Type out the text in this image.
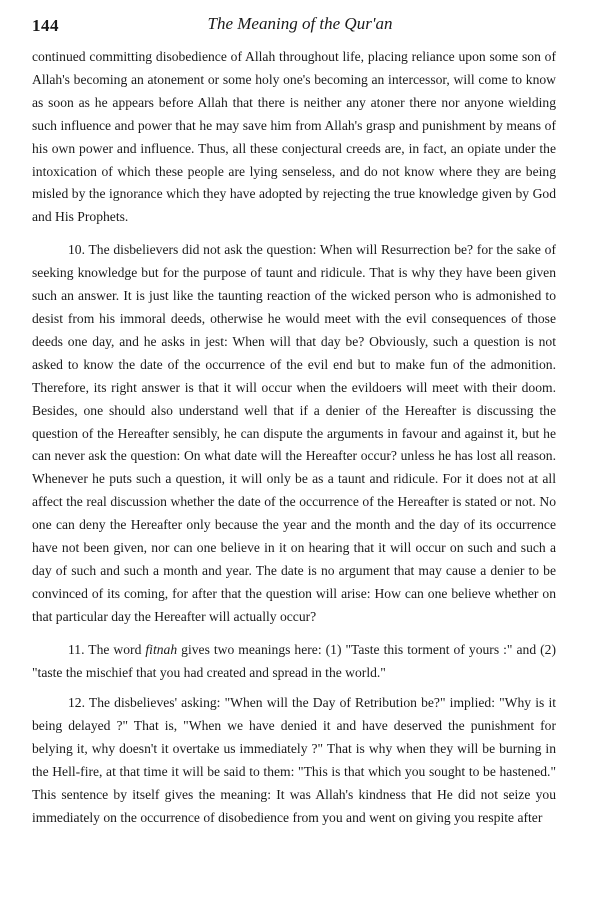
144	The Meaning of the Qur'an

continued committing disobedience of Allah throughout life, placing reliance upon some son of Allah's becoming an atonement or some holy one's becoming an intercessor, will come to know as soon as he appears before Allah that there is neither any atoner there nor anyone wielding such influence and power that he may save him from Allah's grasp and punishment by means of his own power and influence. Thus, all these conjectural creeds are, in fact, an opiate under the intoxication of which these people are lying senseless, and do not know where they are being misled by the ignorance which they have adopted by rejecting the true knowledge given by God and His Prophets.

10. The disbelievers did not ask the question: When will Resurrection be? for the sake of seeking knowledge but for the purpose of taunt and ridicule. That is why they have been given such an answer. It is just like the taunting reaction of the wicked person who is admonished to desist from his immoral deeds, otherwise he would meet with the evil consequences of those deeds one day, and he asks in jest: When will that day be? Obviously, such a question is not asked to know the date of the occurrence of the evil end but to make fun of the admonition. Therefore, its right answer is that it will occur when the evildoers will meet with their doom. Besides, one should also understand well that if a denier of the Hereafter is discussing the question of the Hereafter sensibly, he can dispute the arguments in favour and against it, but he can never ask the question: On what date will the Hereafter occur? unless he has lost all reason. Whenever he puts such a question, it will only be as a taunt and ridicule. For it does not at all affect the real discussion whether the date of the occurrence of the Hereafter is stated or not. No one can deny the Hereafter only because the year and the month and the day of its occurrence have not been given, nor can one believe in it on hearing that it will occur on such and such a day of such and such a month and year. The date is no argument that may cause a denier to be convinced of its coming, for after that the question will arise: How can one believe whether on that particular day the Hereafter will actually occur?

11. The word fitnah gives two meanings here: (1) "Taste this torment of yours :" and (2) "taste the mischief that you had created and spread in the world."

12. The disbelieves' asking: "When will the Day of Retribution be?" implied: "Why is it being delayed ?" That is, "When we have denied it and have deserved the punishment for belying it, why doesn't it overtake us immediately ?" That is why when they will be burning in the Hell-fire, at that time it will be said to them: "This is that which you sought to be hastened." This sentence by itself gives the meaning: It was Allah's kindness that He did not seize you immediately on the occurrence of disobedience from you and went on giving you respite after
